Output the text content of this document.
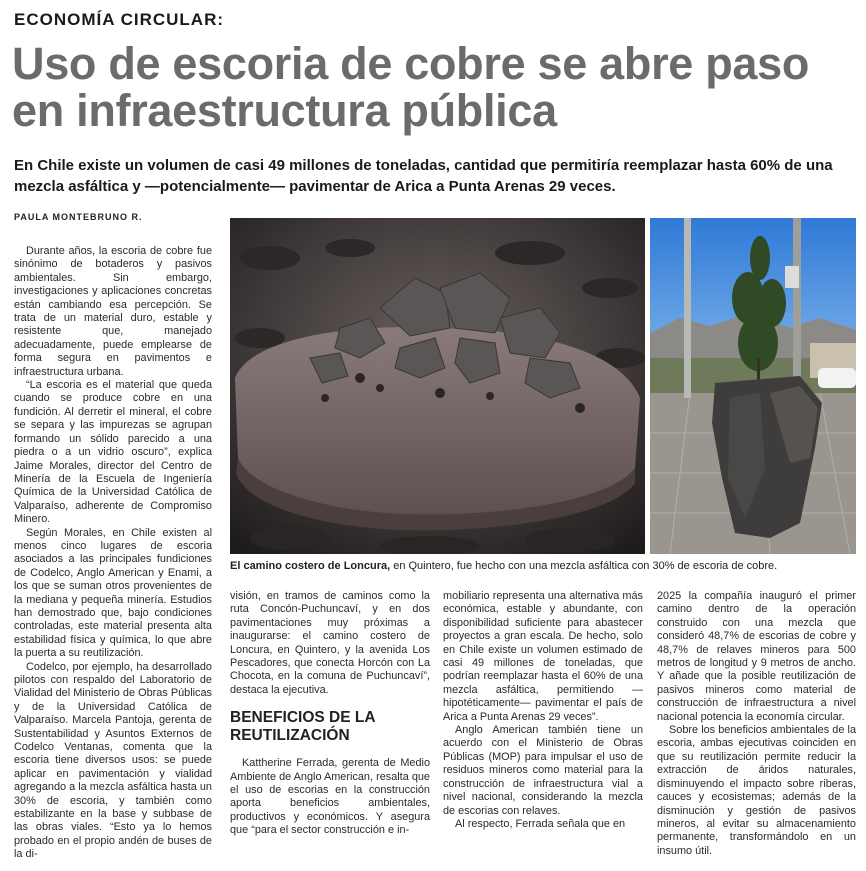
ECONOMÍA CIRCULAR:
Uso de escoria de cobre se abre paso en infraestructura pública

En Chile existe un volumen de casi 49 millones de toneladas, cantidad que permitiría reemplazar hasta 60% de una mezcla asfáltica y —potencialmente— pavimentar de Arica a Punta Arenas 29 veces.

PAULA MONTEBRUNO R.

Durante años, la escoria de cobre fue sinónimo de botaderos y pasivos ambientales. Sin embargo, investigaciones y aplicaciones concretas están cambiando esa percepción. Se trata de un material duro, estable y resistente que, manejado adecuadamente, puede emplearse de forma segura en pavimentos e infraestructura urbana.

“La escoria es el material que queda cuando se produce cobre en una fundición. Al derretir el mineral, el cobre se separa y las impurezas se agrupan formando un sólido parecido a una piedra o a un vidrio oscuro”, explica Jaime Morales, director del Centro de Minería de la Escuela de Ingeniería Química de la Universidad Católica de Valparaíso, adherente de Compromiso Minero.

Según Morales, en Chile existen al menos cinco lugares de escoria asociados a las principales fundiciones de Codelco, Anglo American y Enami, a los que se suman otros provenientes de la mediana y pequeña minería. Estudios han demostrado que, bajo condiciones controladas, este material presenta alta estabilidad física y química, lo que abre la puerta a su reutilización.

Codelco, por ejemplo, ha desarrollado pilotos con respaldo del Laboratorio de Vialidad del Ministerio de Obras Públicas y de la Universidad Católica de Valparaíso. Marcela Pantoja, gerenta de Sustentabilidad y Asuntos Externos de Codelco Ventanas, comenta que la escoria tiene diversos usos: se puede aplicar en pavimentación y vialidad agregando a la mezcla asfáltica hasta un 30% de escoria, y también como estabilizante en la base y subbase de las obras viales. “Esto ya lo hemos probado en el propio andén de buses de la di-

El camino costero de Loncura, en Quintero, fue hecho con una mezcla asfáltica con 30% de escoria de cobre.

visión, en tramos de caminos como la ruta Concón-Puchuncaví, y en dos pavimentaciones muy próximas a inaugurarse: el camino costero de Loncura, en Quintero, y la avenida Los Pescadores, que conecta Horcón con La Chocota, en la comuna de Puchuncaví”, destaca la ejecutiva.

BENEFICIOS DE LA REUTILIZACIÓN

Kattherine Ferrada, gerenta de Medio Ambiente de Anglo American, resalta que el uso de escorias en la construcción aporta beneficios ambientales, productivos y económicos. Y asegura que “para el sector construcción e in-

mobiliario representa una alternativa más económica, estable y abundante, con disponibilidad suficiente para abastecer proyectos a gran escala. De hecho, solo en Chile existe un volumen estimado de casi 49 millones de toneladas, que podrían reemplazar hasta el 60% de una mezcla asfáltica, permitiendo —hipotéticamente— pavimentar el país de Arica a Punta Arenas 29 veces”.

Anglo American también tiene un acuerdo con el Ministerio de Obras Públicas (MOP) para impulsar el uso de residuos mineros como material para la construcción de infraestructura vial a nivel nacional, considerando la mezcla de escorias con relaves.

Al respecto, Ferrada señala que en

2025 la compañía inauguró el primer camino dentro de la operación construido con una mezcla que consideró 48,7% de escorias de cobre y 48,7% de relaves mineros para 500 metros de longitud y 9 metros de ancho. Y añade que la posible reutilización de pasivos mineros como material de construcción de infraestructura a nivel nacional potencia la economía circular.

Sobre los beneficios ambientales de la escoria, ambas ejecutivas coinciden en que su reutilización permite reducir la extracción de áridos naturales, disminuyendo el impacto sobre riberas, cauces y ecosistemas; además de la disminución y gestión de pasivos mineros, al evitar su almacenamiento permanente, transformándolo en un insumo útil.
